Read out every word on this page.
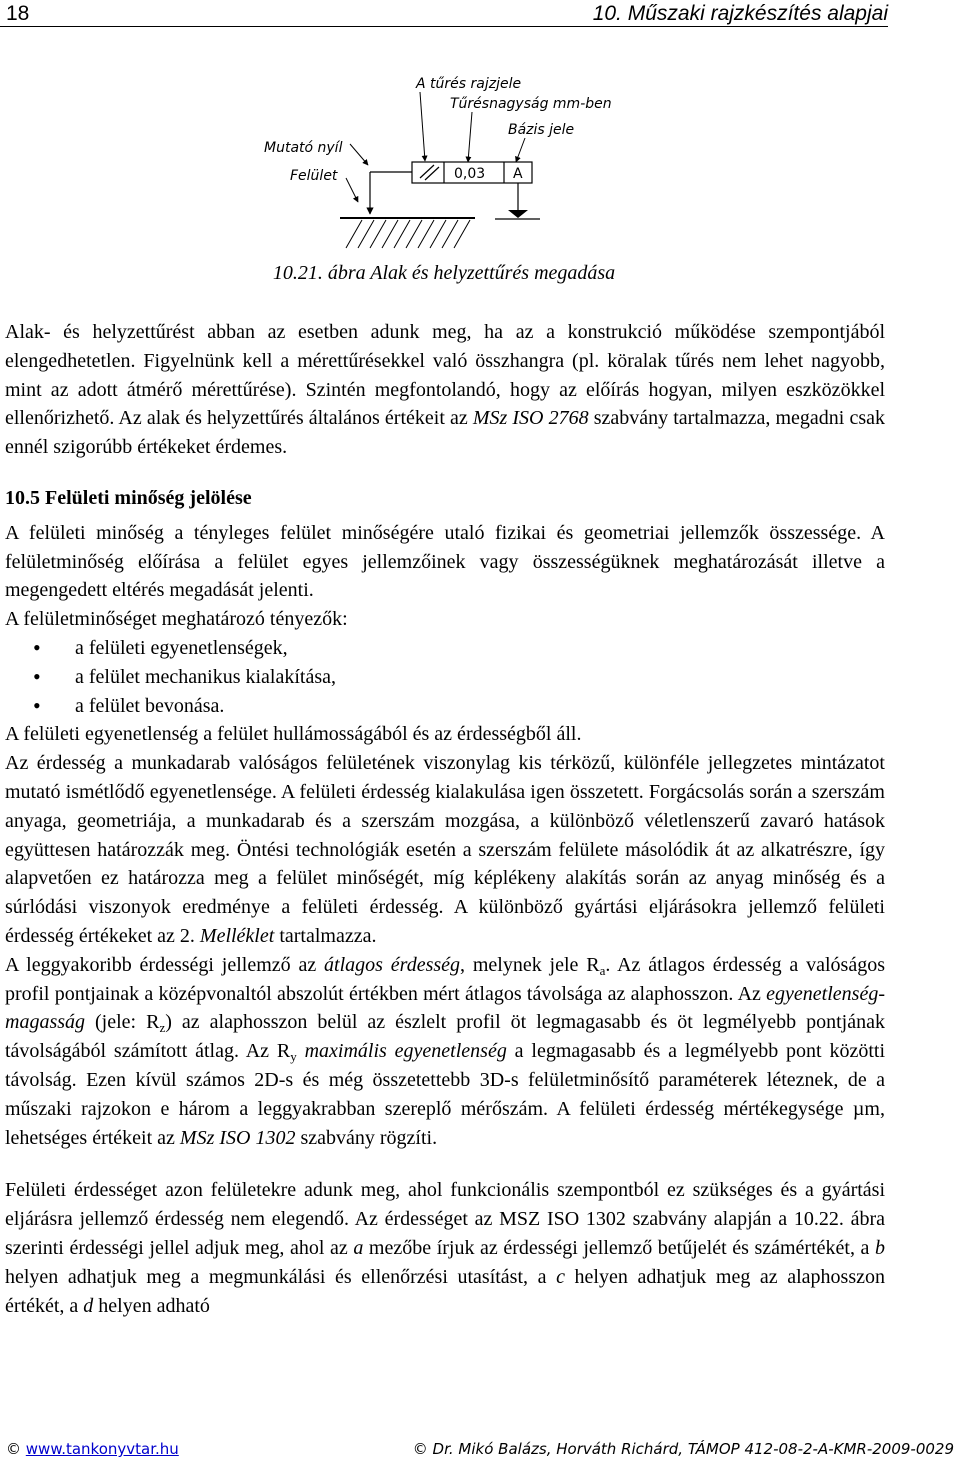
18	10. Műszaki rajzkészítés alapjai
A tűrés rajzjele
Tűrésnagyság mm-ben
Bázis jele
Mutató nyíl
Felület	0,03 A
10.21. ábra Alak és helyzettűrés megadása

Alak- és helyzettűrést abban az esetben adunk meg, ha az a konstrukció működése szempontjából elengedhetetlen. Figyelnünk kell a mérettűrésekkel való összhangra (pl. köralak tűrés nem lehet nagyobb, mint az adott átmérő mérettűrése). Szintén megfontolandó, hogy az előírás hogyan, milyen eszközökkel ellenőrizhető. Az alak és helyzettűrés általános értékeit az MSz ISO 2768 szabvány tartalmazza, megadni csak ennél szigorúbb értékeket érdemes.

10.5 Felületi minőség jelölése

A felületi minőség a tényleges felület minőségére utaló fizikai és geometriai jellemzők összessége. A felületminőség előírása a felület egyes jellemzőinek vagy összességüknek meghatározását illetve a megengedett eltérés megadását jelenti.

A felületminőséget meghatározó tényezők:

• a felületi egyenetlenségek,
• a felület mechanikus kialakítása,
• a felület bevonása.

A felületi egyenetlenség a felület hullámosságából és az érdességből áll.

Az érdesség a munkadarab valóságos felületének viszonylag kis térközű, különféle jellegzetes mintázatot mutató ismétlődő egyenetlensége. A felületi érdesség kialakulása igen összetett. Forgácsolás során a szerszám anyaga, geometriája, a munkadarab és a szerszám mozgása, a különböző véletlenszerű zavaró hatások együttesen határozzák meg. Öntési technológiák esetén a szerszám felülete másolódik át az alkatrészre, így alapvetően ez határozza meg a felület minőségét, míg képlékeny alakítás során az anyag minőség és a súrlódási viszonyok eredménye a felületi érdesség. A különböző gyártási eljárásokra jellemző felületi érdesség értékeket az 2. Melléklet tartalmazza.

A leggyakoribb érdességi jellemző az átlagos érdesség, melynek jele $R_a$. Az átlagos érdesség a valóságos profil pontjainak a középvonaltól abszolút értékben mért átlagos távolsága az alaphosszon. Az egyenetlenség-magasság (jele: $R_z$) az alaphosszon belül az észlelt profil öt legmagasabb és öt legmélyebb pontjának távolságából számított átlag. Az $R_y$ maximális egyenetlenség a legmagasabb és a legmélyebb pont közötti távolság. Ezen kívül számos 2D-s és még összetettebb 3D-s felületminősítő paraméterek léteznek, de a műszaki rajzokon e három a leggyakrabban szereplő mérőszám. A felületi érdesség mértékegysége µm, lehetséges értékeit az MSz ISO 1302 szabvány rögzíti.

Felületi érdességet azon felületekre adunk meg, ahol funkcionális szempontból ez szükséges és a gyártási eljárásra jellemző érdesség nem elegendő. Az érdességet az MSZ ISO 1302 szabvány alapján a 10.22. ábra szerinti érdességi jellel adjuk meg, ahol az a mezőbe írjuk az érdességi jellemző betűjelét és számértékét, a b helyen adhatjuk meg a megmunkálási és ellenőrzési utasítást, a c helyen adhatjuk meg az alaphosszon értékét, a d helyen adható

© www.tankonyvtar.hu	© Dr. Mikó Balázs, Horváth Richárd, TÁMOP 412-08-2-A-KMR-2009-0029
